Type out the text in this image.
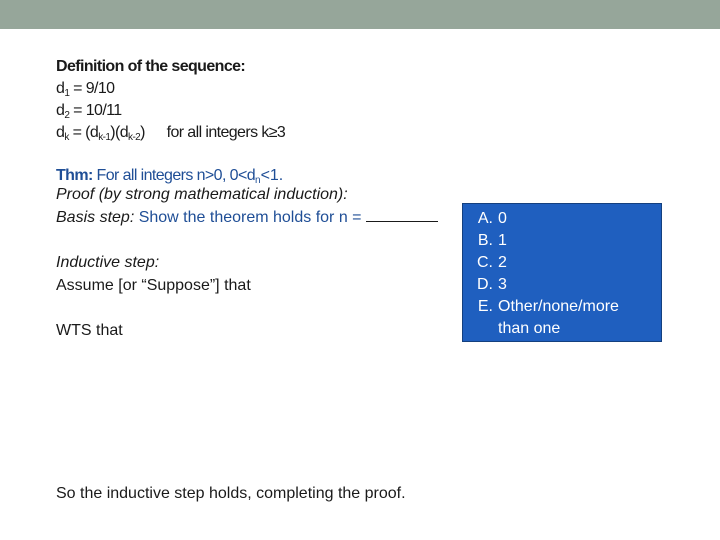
Definition of the sequence:
$d_1 = 9/10$
$d_2 = 10/11$
$d_k = (d_{k-1})(d_{k-2})$ for all integers k≥3
Thm: For all integers n>0, $0<d_n<1$.
Proof (by strong mathematical induction):
Basis step: Show the theorem holds for n =
Inductive step:
Assume [or “Suppose”] that
WTS that
So the inductive step holds, completing the proof.
A. 0
B. 1
C. 2
D. 3
E. Other/none/more
than one
